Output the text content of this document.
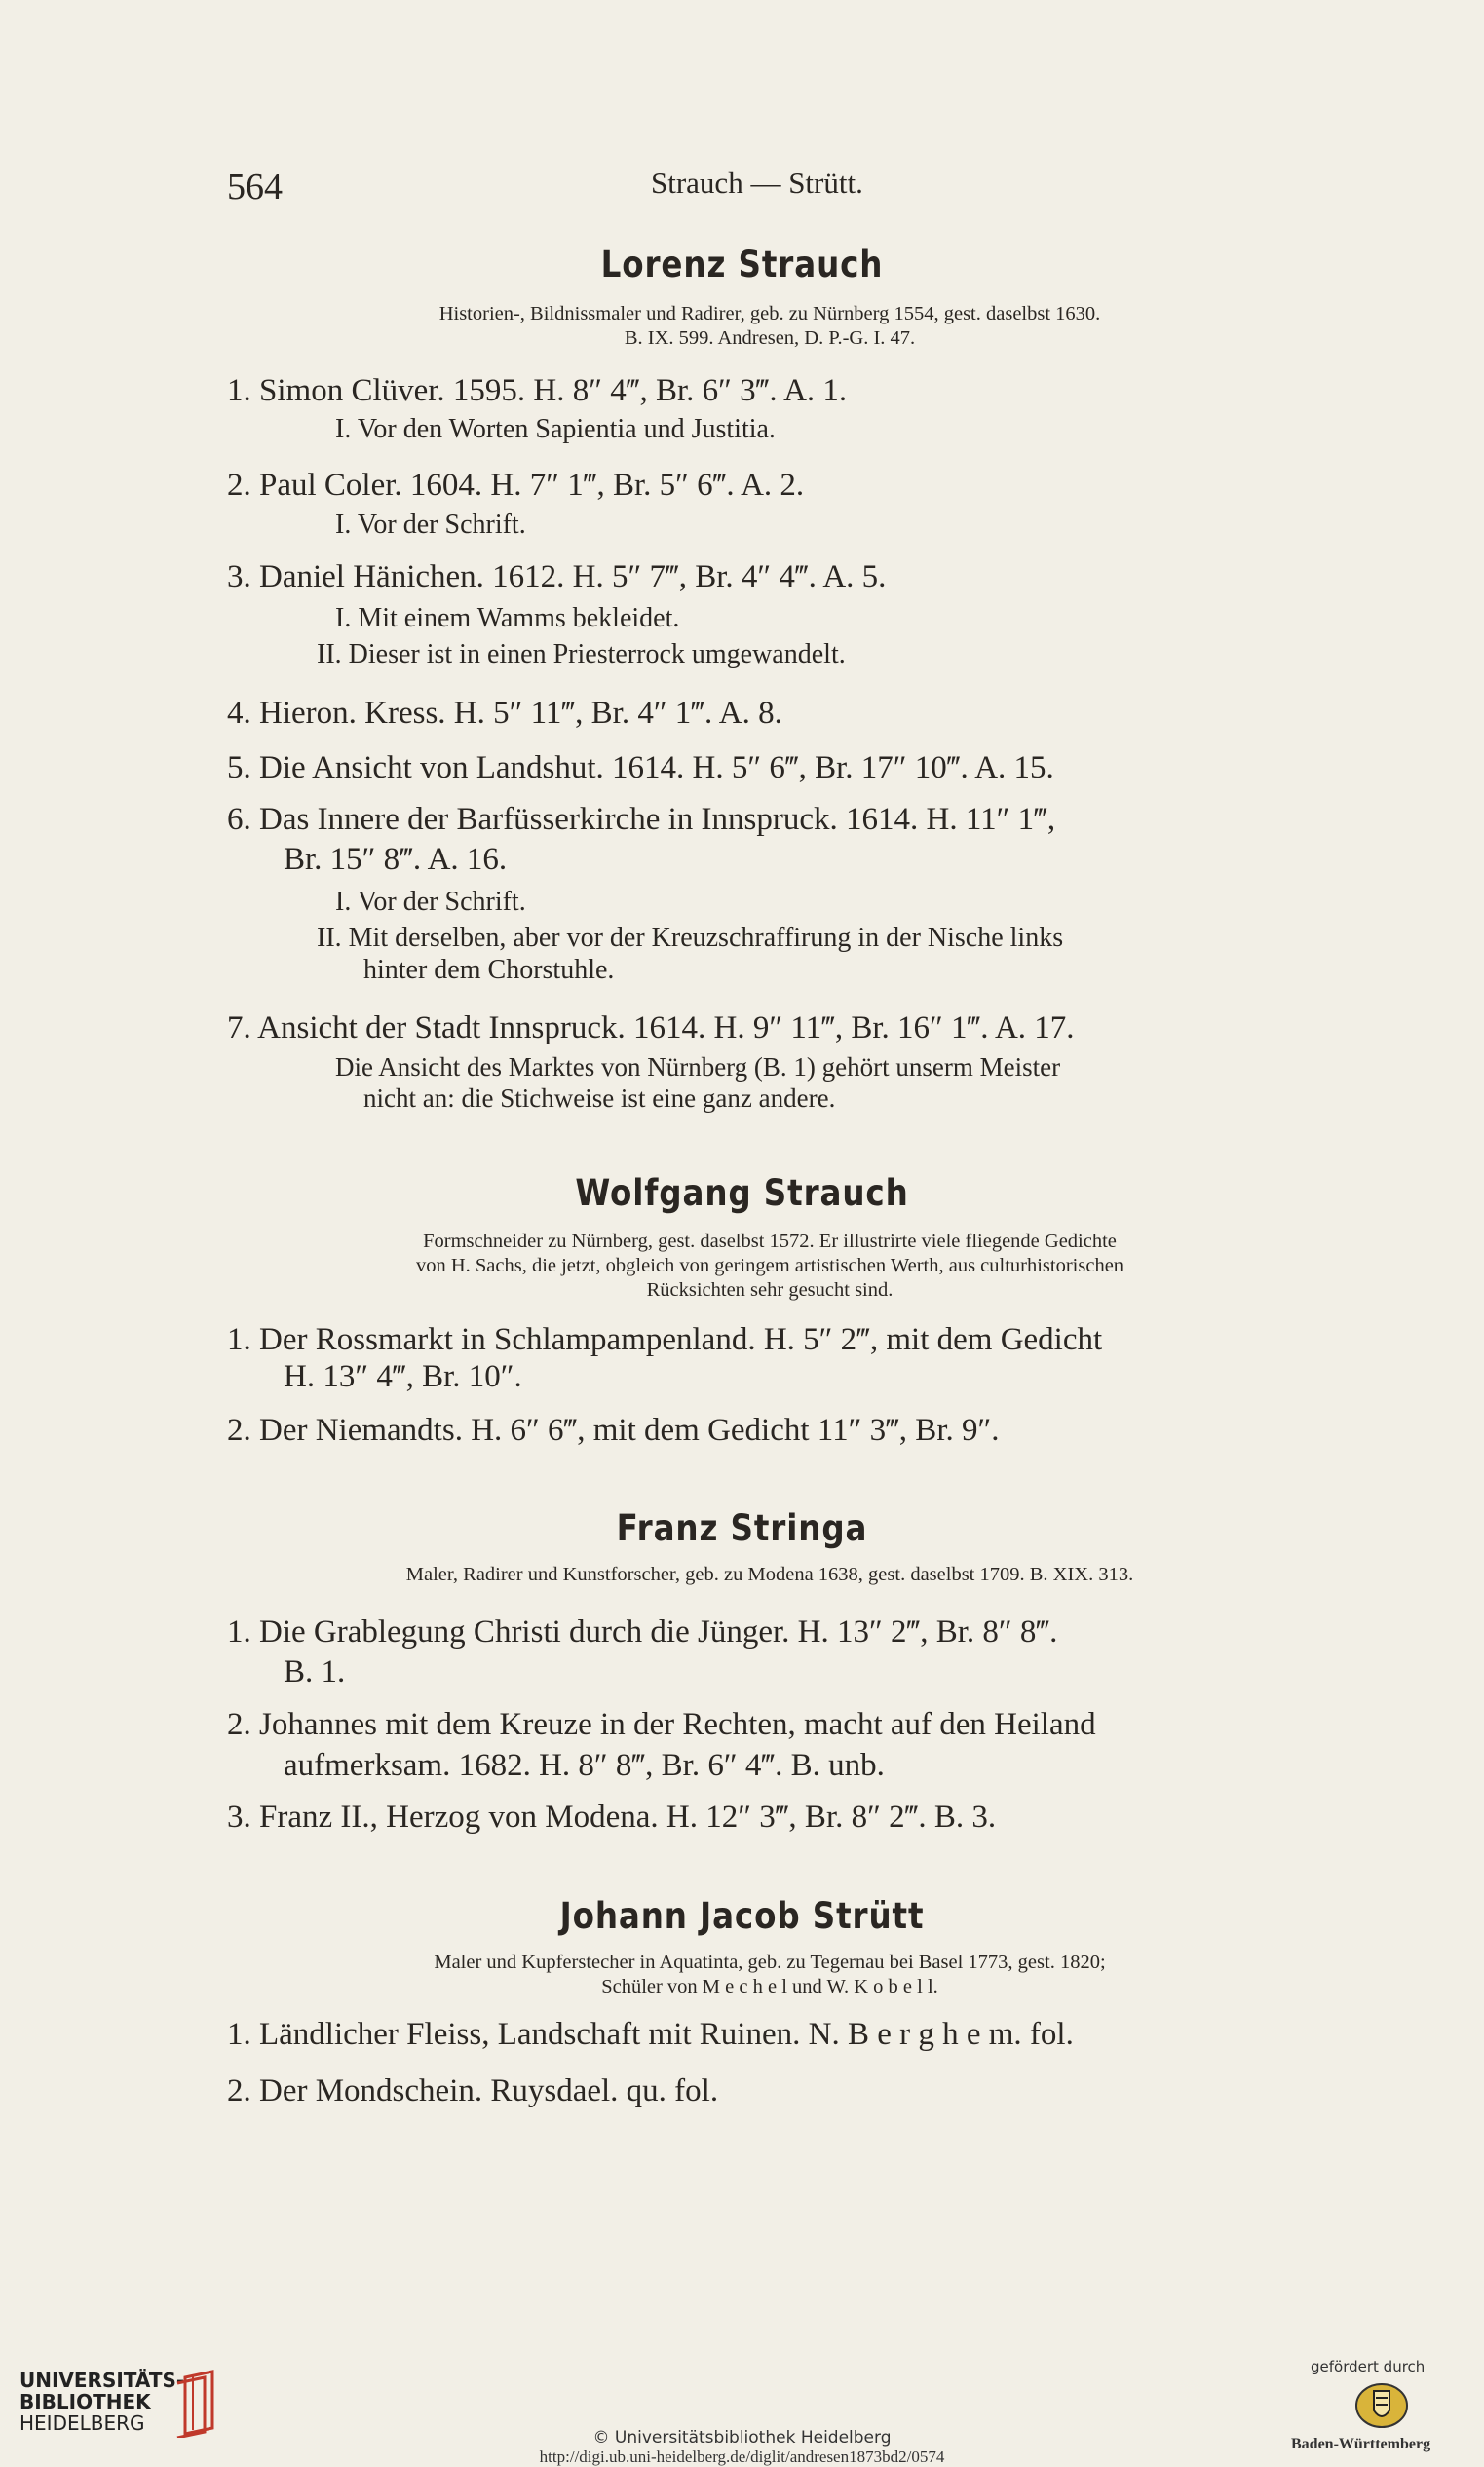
564	Strauch — Strütt.
Lorenz Strauch
Historien-, Bildnissmaler und Radirer, geb. zu Nürnberg 1554, gest. daselbst 1630.
B. IX. 599. Andresen, D. P.-G. I. 47.
1. Simon Clüver. 1595. H. 8″ 4‴, Br. 6″ 3‴. A. 1.
I. Vor den Worten Sapientia und Justitia.
2. Paul Coler. 1604. H. 7″ 1‴, Br. 5″ 6‴. A. 2.
I. Vor der Schrift.
3. Daniel Hänichen. 1612. H. 5″ 7‴, Br. 4″ 4‴. A. 5.
I. Mit einem Wamms bekleidet.
II. Dieser ist in einen Priesterrock umgewandelt.
4. Hieron. Kress. H. 5″ 11‴, Br. 4″ 1‴. A. 8.
5. Die Ansicht von Landshut. 1614. H. 5″ 6‴, Br. 17″ 10‴. A. 15.
6. Das Innere der Barfüsserkirche in Innspruck. 1614. H. 11″ 1‴,
Br. 15″ 8‴. A. 16.
I. Vor der Schrift.
II. Mit derselben, aber vor der Kreuzschraffirung in der Nische links
hinter dem Chorstuhle.
7. Ansicht der Stadt Innspruck. 1614. H. 9″ 11‴, Br. 16″ 1‴. A. 17.
Die Ansicht des Marktes von Nürnberg (B. 1) gehört unserm Meister
nicht an: die Stichweise ist eine ganz andere.
Wolfgang Strauch
Formschneider zu Nürnberg, gest. daselbst 1572. Er illustrirte viele fliegende Gedichte
von H. Sachs, die jetzt, obgleich von geringem artistischen Werth, aus culturhistorischen
Rücksichten sehr gesucht sind.
1. Der Rossmarkt in Schlampampenland. H. 5″ 2‴, mit dem Gedicht
H. 13″ 4‴, Br. 10″.
2. Der Niemandts. H. 6″ 6‴, mit dem Gedicht 11″ 3‴, Br. 9″.
Franz Stringa
Maler, Radirer und Kunstforscher, geb. zu Modena 1638, gest. daselbst 1709. B. XIX. 313.
1. Die Grablegung Christi durch die Jünger. H. 13″ 2‴, Br. 8″ 8‴.
B. 1.
2. Johannes mit dem Kreuze in der Rechten, macht auf den Heiland
aufmerksam. 1682. H. 8″ 8‴, Br. 6″ 4‴. B. unb.
3. Franz II., Herzog von Modena. H. 12″ 3‴, Br. 8″ 2‴. B. 3.
Johann Jacob Strütt
Maler und Kupferstecher in Aquatinta, geb. zu Tegernau bei Basel 1773, gest. 1820;
Schüler von M e c h e l und W. K o b e l l.
1. Ländlicher Fleiss, Landschaft mit Ruinen. N. B e r g h e m. fol.
2. Der Mondschein. Ruysdael. qu. fol.
UNIVERSITÄTS-
BIBLIOTHEK
HEIDELBERG
© Universitätsbibliothek Heidelberg
http://digi.ub.uni-heidelberg.de/diglit/andresen1873bd2/0574
gefördert durch
Baden-Württemberg
